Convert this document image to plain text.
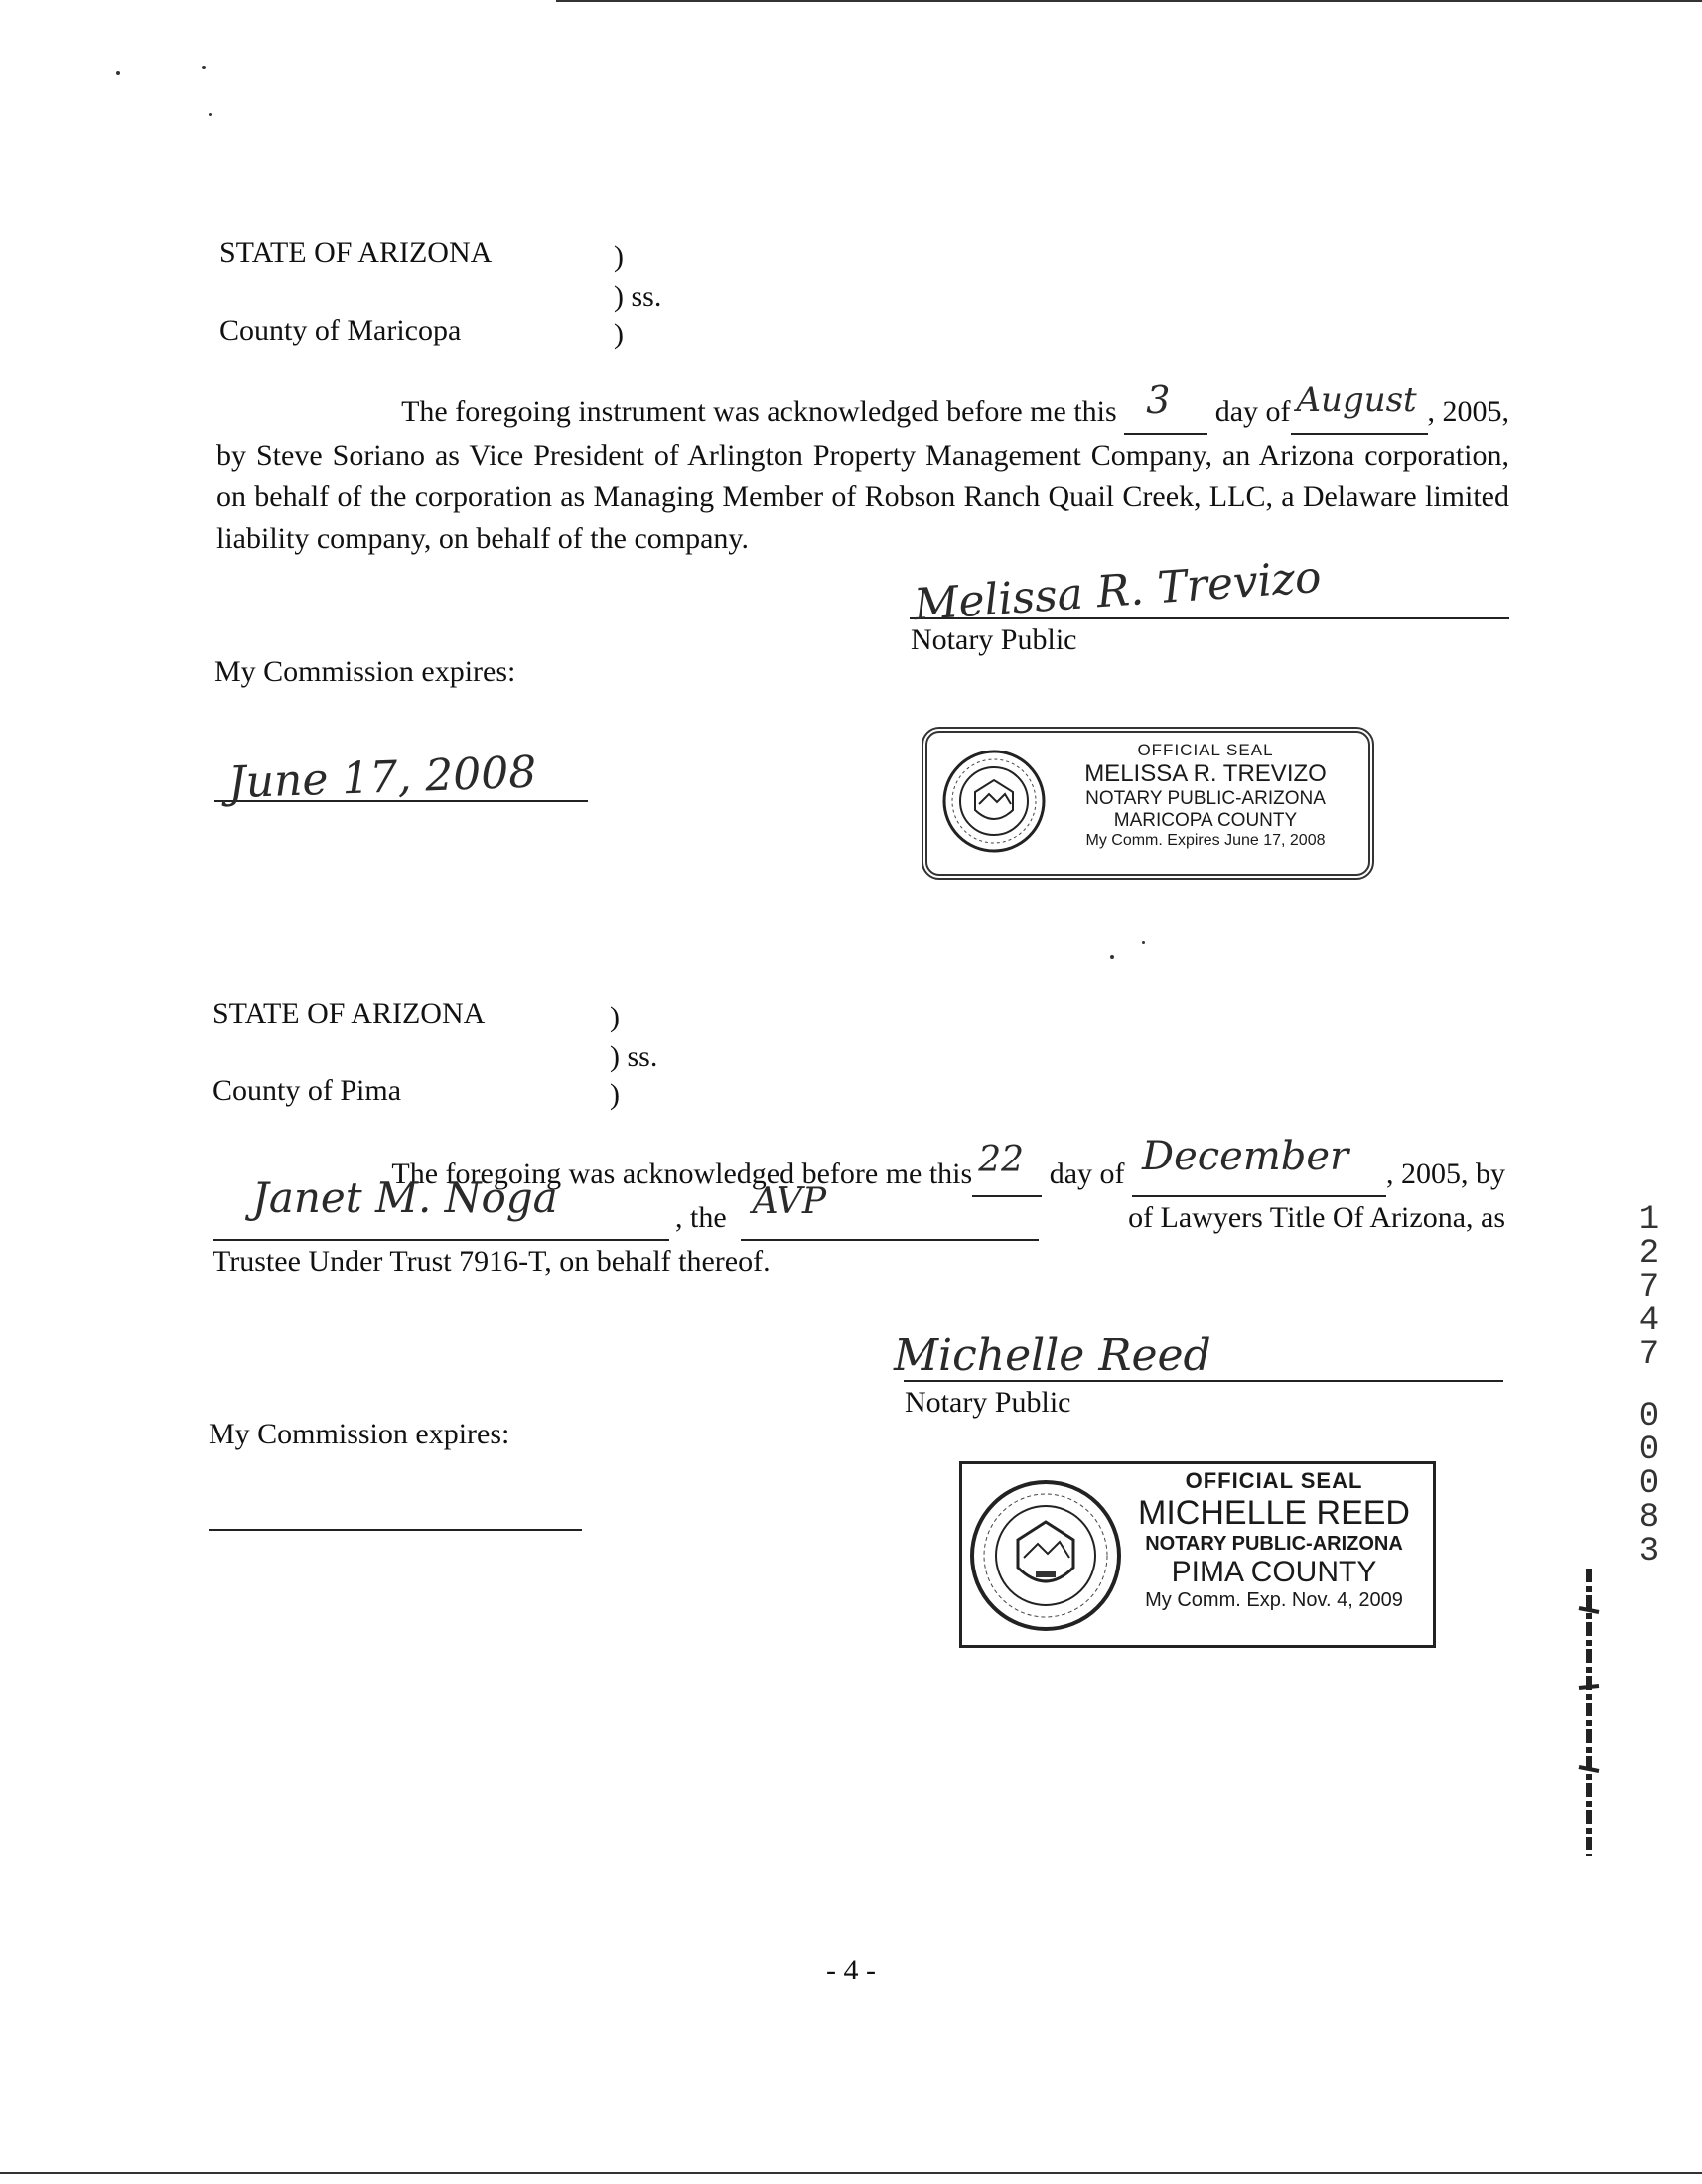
STATE OF ARIZONA	)
) ss.
County of Maricopa	)

The foregoing instrument was acknowledged before me this 3 day of August , 2005,

by Steve Soriano as Vice President of Arlington Property Management Company, an Arizona corporation, on behalf of the corporation as Managing Member of Robson Ranch Quail Creek, LLC, a Delaware limited liability company, on behalf of the company.

Melissa R. Trevizo
Notary Public
My Commission expires:
June 17, 2008	OFFICIAL SEAL
MELISSA R. TREVIZO
NOTARY PUBLIC-ARIZONA
MARICOPA COUNTY
My Comm. Expires June 17, 2008
STATE OF ARIZONA	)
) ss.
County of Pima	)

The foregoing was acknowledged before me this 22 day of December , 2005, by

Janet M. Noga
	, the AVP
	of Lawyers Title Of Arizona, as

Trustee Under Trust 7916-T, on behalf thereof.

Michelle Reed
Notary Public
My Commission expires:
OFFICIAL SEAL
MICHELLE REED
NOTARY PUBLIC-ARIZONA
PIMA COUNTY
My Comm. Exp. Nov. 4, 2009
1
2
7
4
7
0
0
0
8
3
- 4 -
